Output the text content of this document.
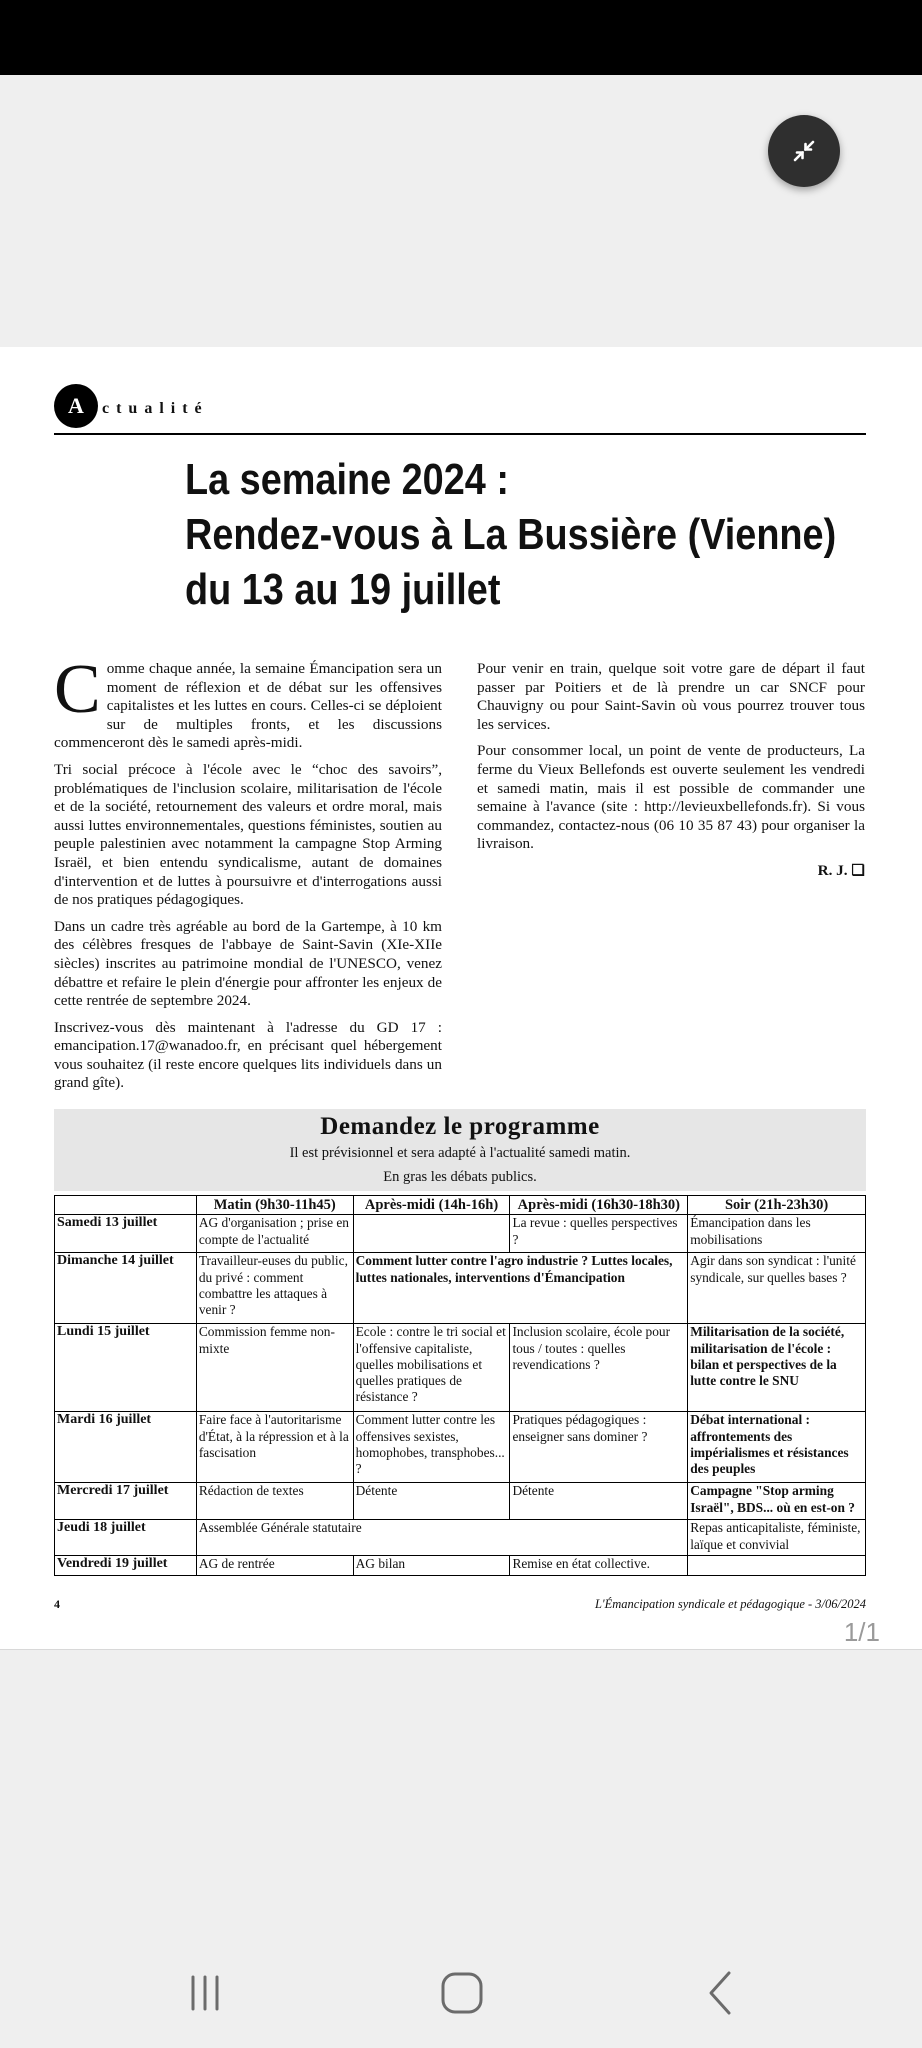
A	ctualité
La semaine 2024 :
Rendez-vous à La Bussière (Vienne)
du 13 au 19 juillet

Comme chaque année, la semaine Émancipation sera un moment de réflexion et de débat sur les offensives capitalistes et les luttes en cours. Celles-ci se déploient sur de multiples fronts, et les discussions commenceront dès le samedi après-midi.

Tri social précoce à l'école avec le “choc des savoirs”, problématiques de l'inclusion scolaire, militarisation de l'école et de la société, retournement des valeurs et ordre moral, mais aussi luttes environnementales, questions féministes, soutien au peuple palestinien avec notamment la campagne Stop Arming Israël, et bien entendu syndicalisme, autant de domaines d'intervention et de luttes à poursuivre et d'interrogations aussi de nos pratiques pédagogiques.

Dans un cadre très agréable au bord de la Gartempe, à 10 km des célèbres fresques de l'abbaye de Saint-Savin (XIe-XIIe siècles) inscrites au patrimoine mondial de l'UNESCO, venez débattre et refaire le plein d'énergie pour affronter les enjeux de cette rentrée de septembre 2024.

Inscrivez-vous dès maintenant à l'adresse du GD 17 : emancipation.17@wanadoo.fr, en précisant quel hébergement vous souhaitez (il reste encore quelques lits individuels dans un grand gîte).

Pour venir en train, quelque soit votre gare de départ il faut passer par Poitiers et de là prendre un car SNCF pour Chauvigny ou pour Saint-Savin où vous pourrez trouver tous les services.

Pour consommer local, un point de vente de producteurs, La ferme du Vieux Bellefonds est ouverte seulement les vendredi et samedi matin, mais il est possible de commander une semaine à l'avance (site : http://levieuxbellefonds.fr). Si vous commandez, contactez-nous (06 10 35 87 43) pour organiser la livraison.

R. J. ❏
Demandez le programme
Il est prévisionnel et sera adapté à l'actualité samedi matin.
En gras les débats publics.
	Matin (9h30-11h45)	Après-midi (14h-16h)	Après-midi (16h30-18h30)	Soir (21h-23h30)
Samedi 13 juillet	AG d'organisation ; prise en compte de l'actualité		La revue : quelles perspectives ?	Émancipation dans les mobilisations
Dimanche 14 juillet	Travailleur-euses du public, du privé : comment combattre les attaques à venir ?	Comment lutter contre l'agro industrie ? Luttes locales, luttes nationales, interventions d'Émancipation		Agir dans son syndicat : l'unité syndicale, sur quelles bases ?
Lundi 15 juillet	Commission femme non-mixte	Ecole : contre le tri social et l'offensive capitaliste, quelles mobilisations et quelles pratiques de résistance ?	Inclusion scolaire, école pour tous / toutes : quelles revendications ?	Militarisation de la société, militarisation de l'école : bilan et perspectives de la lutte contre le SNU
Mardi 16 juillet	Faire face à l'autoritarisme d'État, à la répression et à la fascisation	Comment lutter contre les offensives sexistes, homophobes, transphobes... ?	Pratiques pédagogiques : enseigner sans dominer ?	Débat international : affrontements des impérialismes et résistances des peuples
Mercredi 17 juillet	Rédaction de textes	Détente	Détente	Campagne "Stop arming Israël", BDS... où en est-on ?
Jeudi 18 juillet	Assemblée Générale statutaire			Repas anticapitaliste, féministe, laïque et convivial
Vendredi 19 juillet	AG de rentrée	AG bilan	Remise en état collective.	
4	L'Émancipation syndicale et pédagogique - 3/06/2024
1/1
